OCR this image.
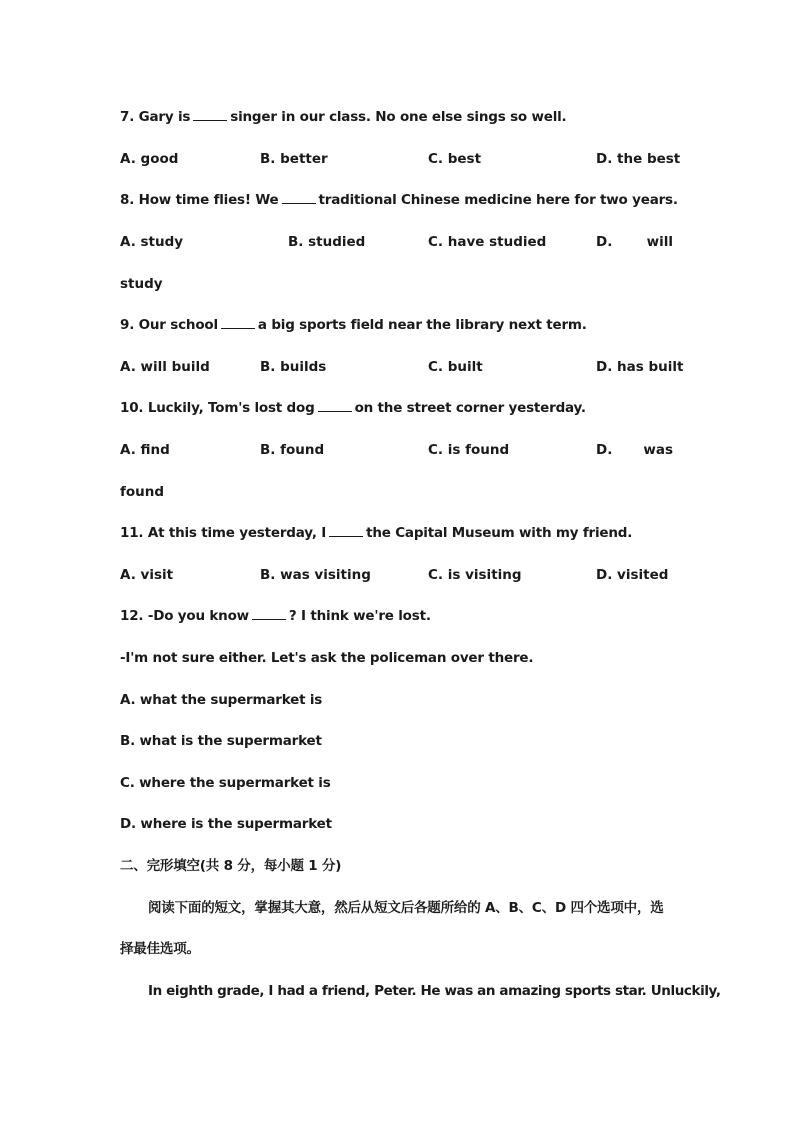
7. Gary is	singer in our class. No one else sings so well.
A. good	B. better	C. best	D. the best
8. How time flies! We	traditional Chinese medicine here for two years.
A. study	B. studied	C. have studied	D.	will
study
9. Our school	a big sports field near the library next term.
A. will build	B. builds	C. built	D. has built
10. Luckily, Tom's lost dog	on the street corner yesterday.
A. find	B. found	C. is found	D. was
found
11. At this time yesterday, I	the Capital Museum with my friend.
A. visit	B. was visiting	C. is visiting	D. visited
12. -Do you know	? I think we're lost.
-I'm not sure either. Let's ask the policeman over there.
A. what the supermarket is
B. what is the supermarket
C. where the supermarket is
D. where is the supermarket
二、完形填空(共 8 分，每小题 1 分)
阅读下面的短文，掌握其大意，然后从短文后各题所给的 A、B、C、D 四个选项中，选
择最佳选项。
In eighth grade, I had a friend, Peter. He was an amazing sports star. Unluckily,
